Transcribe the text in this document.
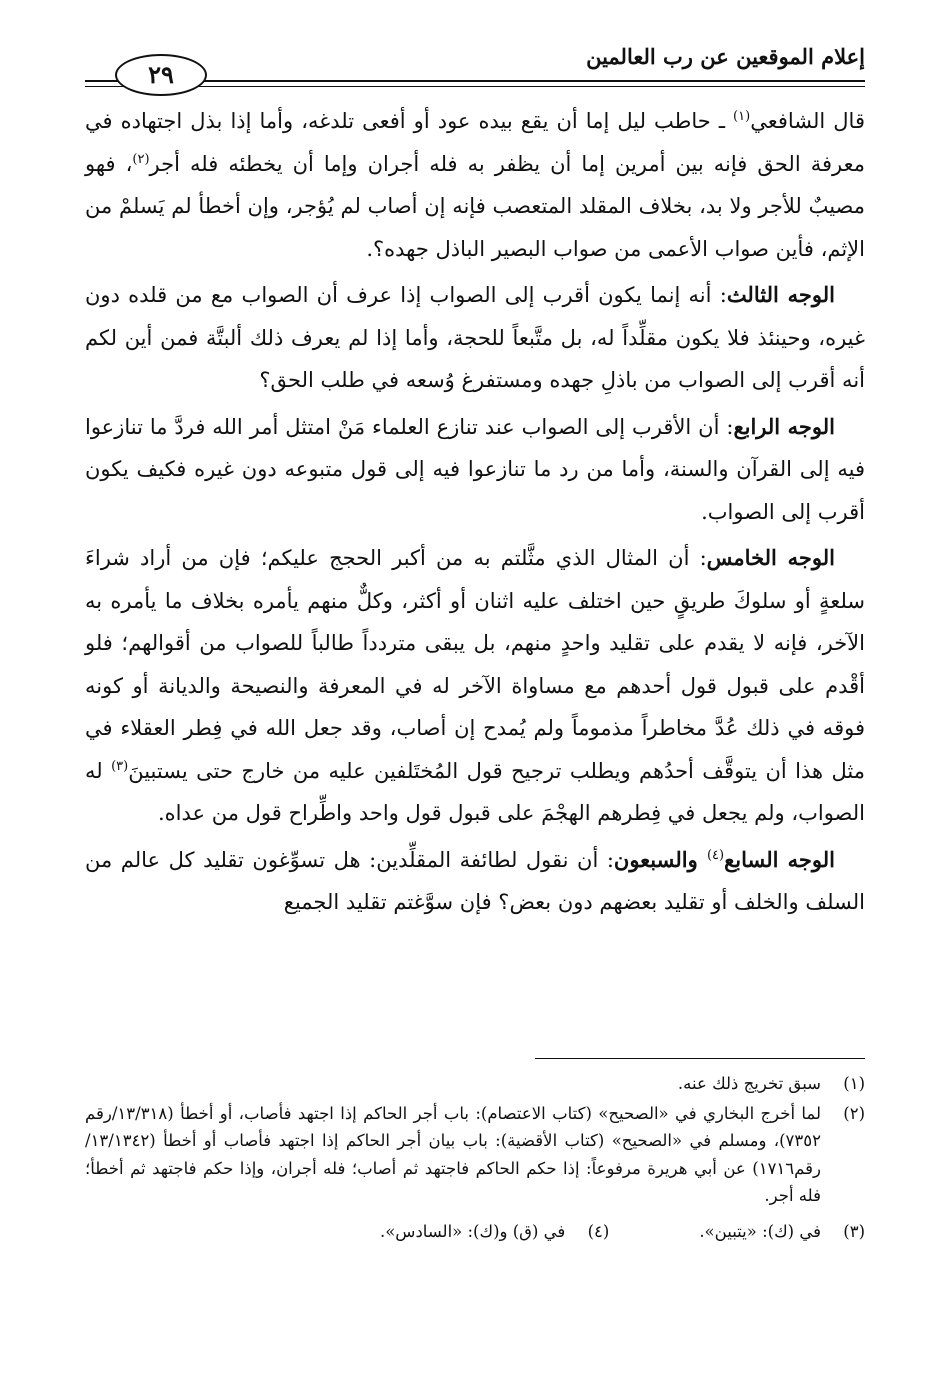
إعلام الموقعين عن رب العالمين
٢٩

قال الشافعي$^{(١)}$ ـ حاطب ليل إما أن يقع بيده عود أو أفعى تلدغه، وأما إذا بذل اجتهاده في معرفة الحق فإنه بين أمرين إما أن يظفر به فله أجران وإما أن يخطئه فله أجر$^{(٢)}$، فهو مصيبٌ للأجر ولا بد، بخلاف المقلد المتعصب فإنه إن أصاب لم يُؤجر، وإن أخطأ لم يَسلمْ من الإثم، فأين صواب الأعمى من صواب البصير الباذل جهده؟.

الوجه الثالث: أنه إنما يكون أقرب إلى الصواب إذا عرف أن الصواب مع من قلده دون غيره، وحينئذ فلا يكون مقلِّداً له، بل متَّبعاً للحجة، وأما إذا لم يعرف ذلك ألبتَّة فمن أين لكم أنه أقرب إلى الصواب من باذلِ جهده ومستفرغ وُسعه في طلب الحق؟

الوجه الرابع: أن الأقرب إلى الصواب عند تنازع العلماء مَنْ امتثل أمر الله فردَّ ما تنازعوا فيه إلى القرآن والسنة، وأما من رد ما تنازعوا فيه إلى قول متبوعه دون غيره فكيف يكون أقرب إلى الصواب.

الوجه الخامس: أن المثال الذي مثَّلتم به من أكبر الحجج عليكم؛ فإن من أراد شراءَ سلعةٍ أو سلوكَ طريقٍ حين اختلف عليه اثنان أو أكثر، وكلٌّ منهم يأمره بخلاف ما يأمره به الآخر، فإنه لا يقدم على تقليد واحدٍ منهم، بل يبقى متردداً طالباً للصواب من أقوالهم؛ فلو أقْدم على قبول قول أحدهم مع مساواة الآخر له في المعرفة والنصيحة والديانة أو كونه فوقه في ذلك عُدَّ مخاطراً مذموماً ولم يُمدح إن أصاب، وقد جعل الله في فِطر العقلاء في مثل هذا أن يتوقَّف أحدُهم ويطلب ترجيح قول المُختَلفين عليه من خارج حتى يستبينَ$^{(٣)}$ له الصواب، ولم يجعل في فِطرهم الهجْمَ على قبول قول واحد واطِّراح قول من عداه.

الوجه السابع$^{(٤)}$ والسبعون: أن نقول لطائفة المقلِّدين: هل تسوِّغون تقليد كل عالم من السلف والخلف أو تقليد بعضهم دون بعض؟ فإن سوَّغتم تقليد الجميع

(١)
سبق تخريج ذلك عنه.
(٢)
لما أخرج البخاري في «الصحيح» (كتاب الاعتصام): باب أجر الحاكم إذا اجتهد فأصاب، أو أخطأ (١٣/٣١٨/رقم ٧٣٥٢)، ومسلم في «الصحيح» (كتاب الأقضية): باب بيان أجر الحاكم إذا اجتهد فأصاب أو أخطأ (١٣/١٣٤٢/ رقم١٧١٦) عن أبي هريرة مرفوعاً: إذا حكم الحاكم فاجتهد ثم أصاب؛ فله أجران، وإذا حكم فاجتهد ثم أخطأ؛ فله أجر.
(٣)
في (ك): «يتبين».
(٤)
في (ق) و(ك): «السادس».
